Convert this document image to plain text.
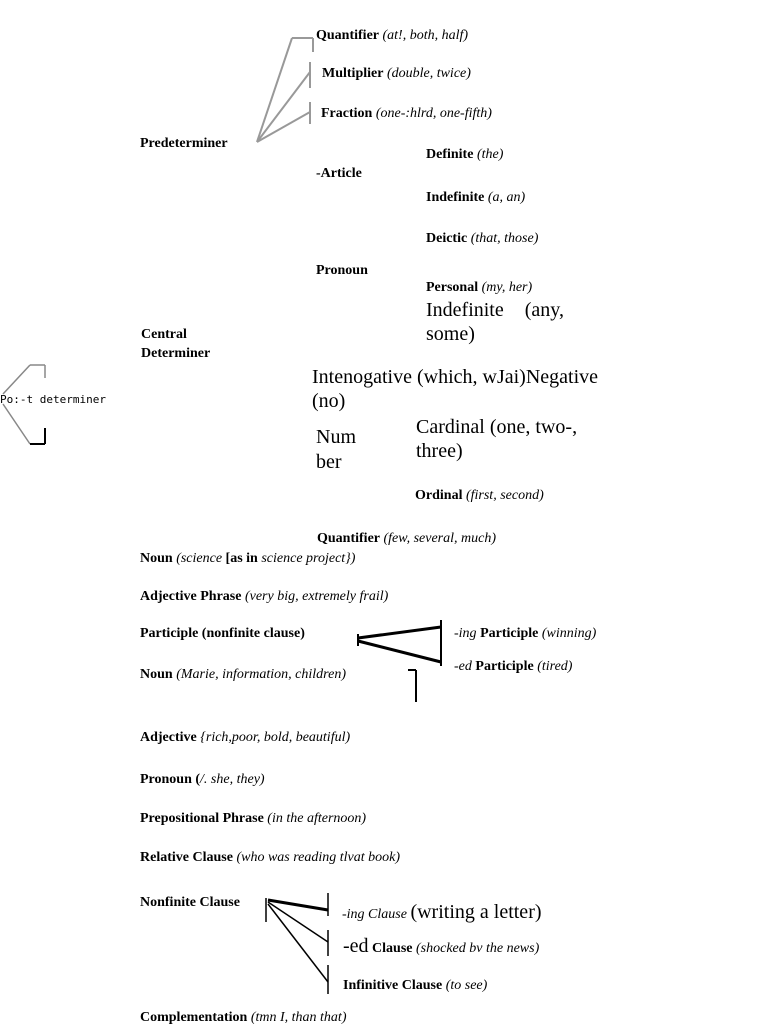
Predeterminer
Quantifier (at!, both, half)
Multiplier (double, twice)
Fraction (one-:hlrd, one-fifth)
Central
Determiner
-Article
Definite (the)
Indefinite (a, an)
Pronoun
Deictic (that, those)
Personal (my, her)
Indefinite (any, some)
Intenogative (which, wJai)Negative (no)
Num
ber
Cardinal (one, two-, three)
Ordinal (first, second)
Quantifier (few, several, much)
Po:-t determiner
Noun (science [as in science project})
Adjective Phrase (very big, extremely frail)
Participle (nonfinite clause)	-ing Participle (winning)
-ed Participle (tired)
Noun (Marie, information, children)
Adjective {rich,poor, bold, beautiful)
Pronoun (/. she, they)
Prepositional Phrase (in the afternoon)
Relative Clause (who was reading tlvat book)
Nonfinite Clause
-ing Clause (writing a letter)
-ed Clause (shocked bv the news)
Infinitive Clause (to see)
Complementation (tmn I, than that)
